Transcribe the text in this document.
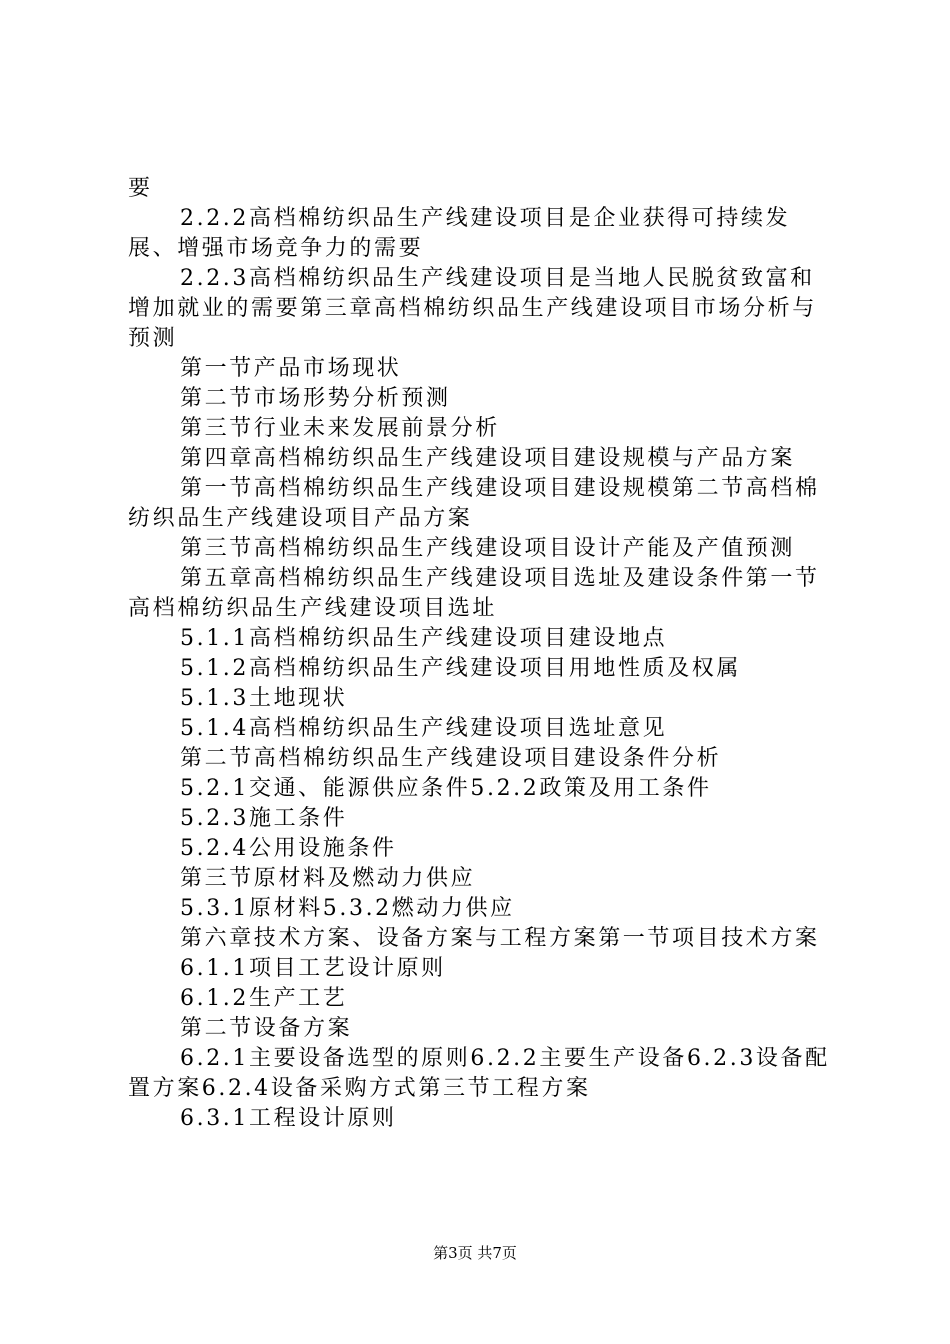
要

2.2.2高档棉纺织品生产线建设项目是企业获得可持续发展、增强市场竞争力的需要

2.2.3高档棉纺织品生产线建设项目是当地人民脱贫致富和增加就业的需要第三章高档棉纺织品生产线建设项目市场分析与预测

第一节产品市场现状

第二节市场形势分析预测

第三节行业未来发展前景分析

第四章高档棉纺织品生产线建设项目建设规模与产品方案

第一节高档棉纺织品生产线建设项目建设规模第二节高档棉纺织品生产线建设项目产品方案

第三节高档棉纺织品生产线建设项目设计产能及产值预测

第五章高档棉纺织品生产线建设项目选址及建设条件第一节高档棉纺织品生产线建设项目选址

5.1.1高档棉纺织品生产线建设项目建设地点

5.1.2高档棉纺织品生产线建设项目用地性质及权属

5.1.3土地现状

5.1.4高档棉纺织品生产线建设项目选址意见

第二节高档棉纺织品生产线建设项目建设条件分析

5.2.1交通、能源供应条件5.2.2政策及用工条件

5.2.3施工条件

5.2.4公用设施条件

第三节原材料及燃动力供应

5.3.1原材料5.3.2燃动力供应

第六章技术方案、设备方案与工程方案第一节项目技术方案

6.1.1项目工艺设计原则

6.1.2生产工艺

第二节设备方案

6.2.1主要设备选型的原则6.2.2主要生产设备6.2.3设备配置方案6.2.4设备采购方式第三节工程方案

6.3.1工程设计原则

第3页 共7页
